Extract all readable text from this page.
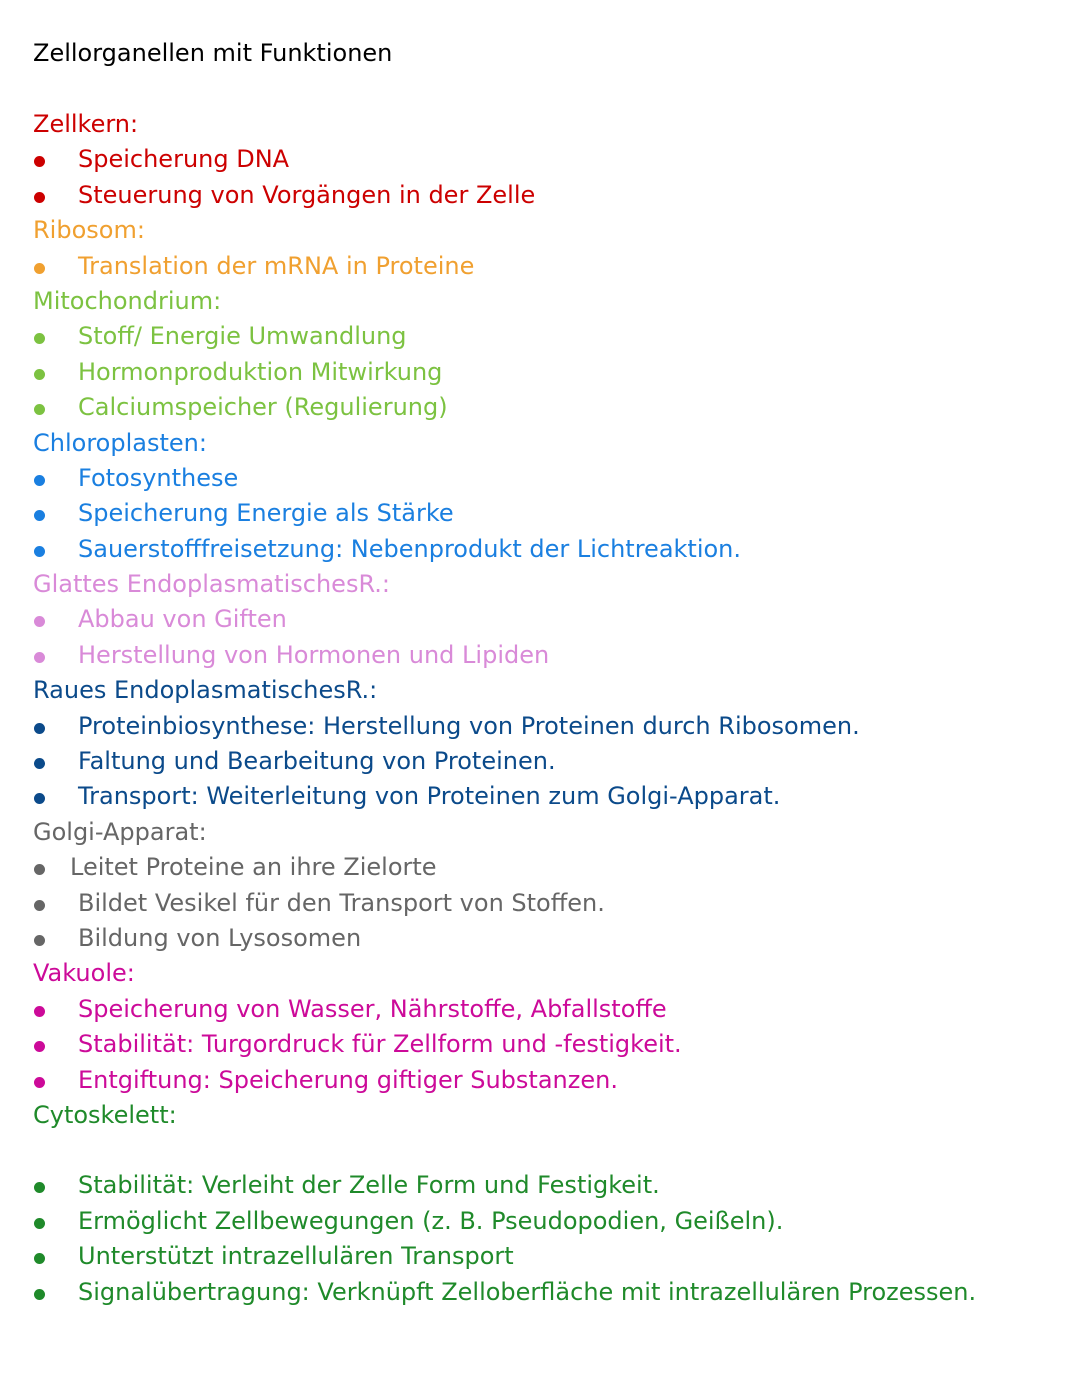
Zellorganellen mit Funktionen
Zellkern:
Speicherung DNA
Steuerung von Vorgängen in der Zelle
Ribosom:
Translation der mRNA in Proteine
Mitochondrium:
Stoff/ Energie Umwandlung
Hormonproduktion Mitwirkung
Calciumspeicher (Regulierung)
Chloroplasten:
Fotosynthese
Speicherung Energie als Stärke
Sauerstofffreisetzung: Nebenprodukt der Lichtreaktion.
Glattes EndoplasmatischesR.:
Abbau von Giften
Herstellung von Hormonen und Lipiden
Raues EndoplasmatischesR.:
Proteinbiosynthese: Herstellung von Proteinen durch Ribosomen.
Faltung und Bearbeitung von Proteinen.
Transport: Weiterleitung von Proteinen zum Golgi-Apparat.
Golgi-Apparat:
Leitet Proteine an ihre Zielorte
Bildet Vesikel für den Transport von Stoffen.
Bildung von Lysosomen
Vakuole:
Speicherung von Wasser, Nährstoffe, Abfallstoffe
Stabilität: Turgordruck für Zellform und -festigkeit.
Entgiftung: Speicherung giftiger Substanzen.
Cytoskelett:
Stabilität: Verleiht der Zelle Form und Festigkeit.
Ermöglicht Zellbewegungen (z. B. Pseudopodien, Geißeln).
Unterstützt intrazellulären Transport
Signalübertragung: Verknüpft Zelloberfläche mit intrazellulären Prozessen.
